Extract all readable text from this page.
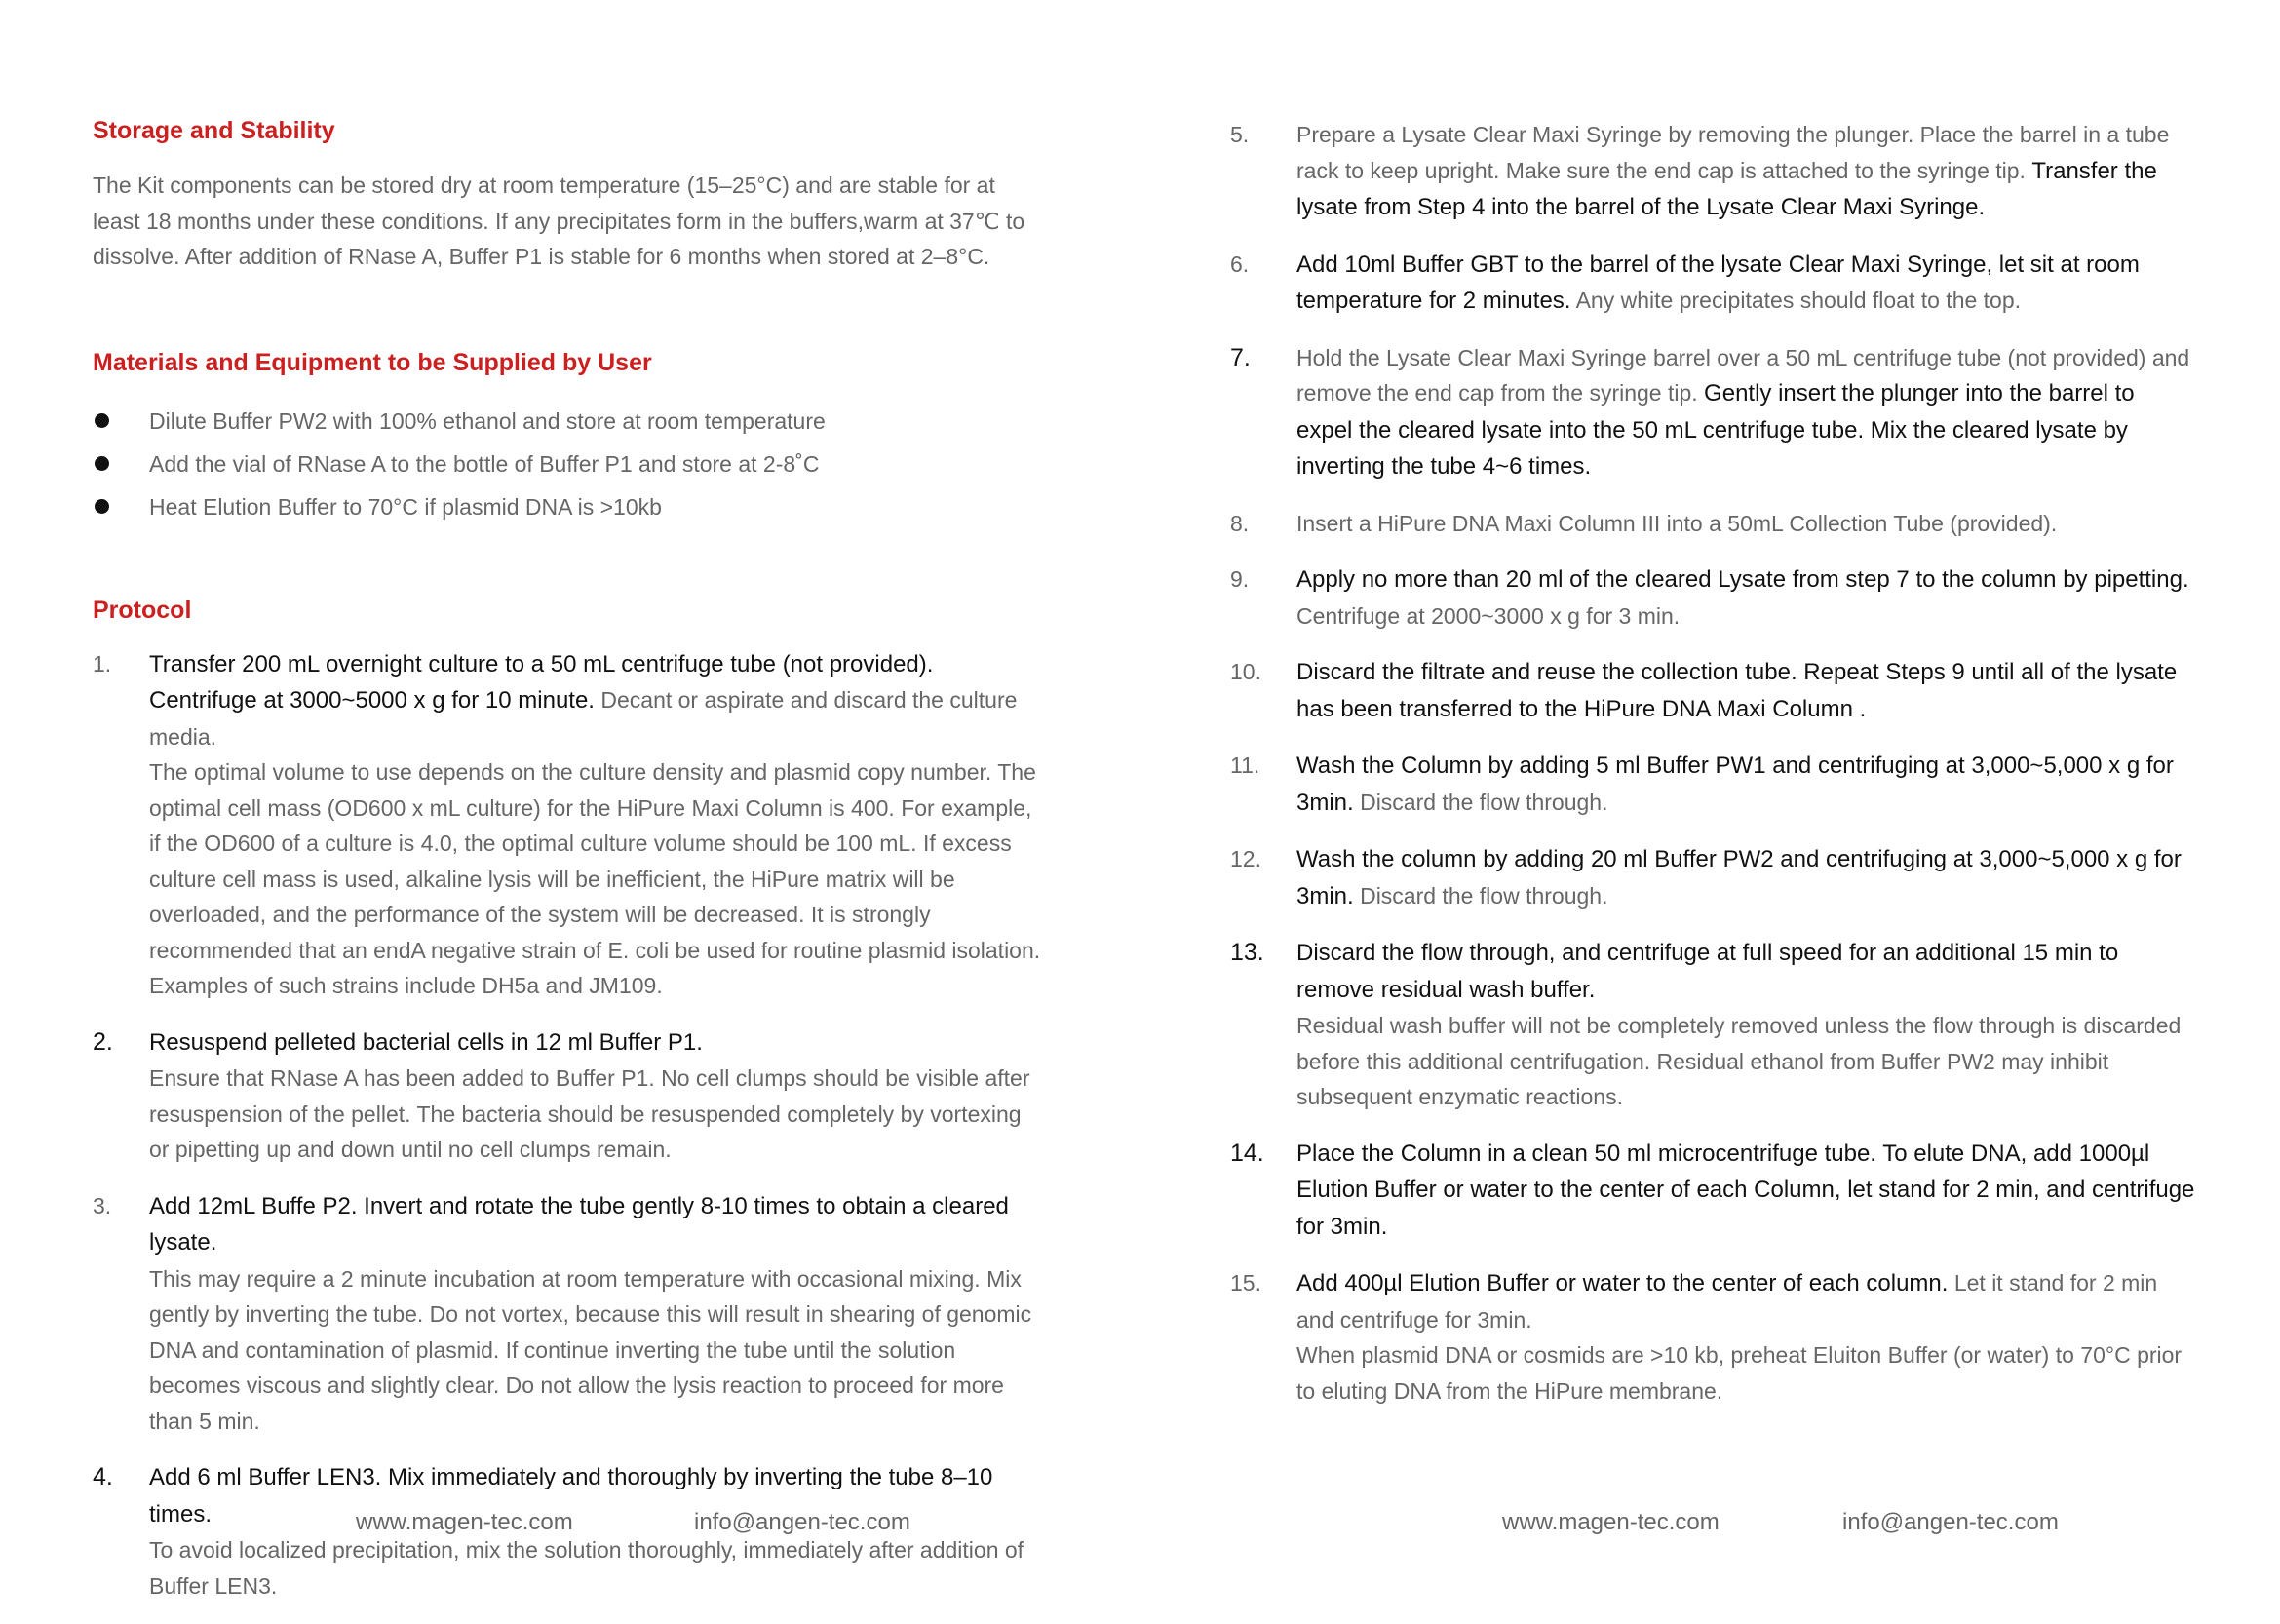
Storage and Stability

The Kit components can be stored dry at room temperature (15–25°C) and are stable for at least 18 months under these conditions. If any precipitates form in the buffers,warm at 37℃ to dissolve. After addition of RNase A, Buffer P1 is stable for 6 months when stored at 2–8°C.

Materials and Equipment to be Supplied by User
Dilute Buffer PW2 with 100% ethanol and store at room temperature
Add the vial of RNase A to the bottle of Buffer P1 and store at 2-8˚C
Heat Elution Buffer to 70°C if plasmid DNA is >10kb
Protocol
1. Transfer 200 mL overnight culture to a 50 mL centrifuge tube (not provided). Centrifuge at 3000~5000 x g for 10 minute. Decant or aspirate and discard the culture media.
The optimal volume to use depends on the culture density and plasmid copy number. The optimal cell mass (OD600 x mL culture) for the HiPure Maxi Column is 400. For example, if the OD600 of a culture is 4.0, the optimal culture volume should be 100 mL. If excess culture cell mass is used, alkaline lysis will be inefficient, the HiPure matrix will be overloaded, and the performance of the system will be decreased. It is strongly recommended that an endA negative strain of E. coli be used for routine plasmid isolation. Examples of such strains include DH5a and JM109.
2. Resuspend pelleted bacterial cells in 12 ml Buffer P1.
Ensure that RNase A has been added to Buffer P1. No cell clumps should be visible after resuspension of the pellet. The bacteria should be resuspended completely by vortexing or pipetting up and down until no cell clumps remain.
3. Add 12mL Buffe P2. Invert and rotate the tube gently 8-10 times to obtain a cleared lysate.
This may require a 2 minute incubation at room temperature with occasional mixing. Mix gently by inverting the tube. Do not vortex, because this will result in shearing of genomic DNA and contamination of plasmid. If continue inverting the tube until the solution becomes viscous and slightly clear. Do not allow the lysis reaction to proceed for more than 5 min.
4. Add 6 ml Buffer LEN3. Mix immediately and thoroughly by inverting the tube 8–10 times.
To avoid localized precipitation, mix the solution thoroughly, immediately after addition of Buffer LEN3.
5. Prepare a Lysate Clear Maxi Syringe by removing the plunger. Place the barrel in a tube rack to keep upright. Make sure the end cap is attached to the syringe tip. Transfer the lysate from Step 4 into the barrel of the Lysate Clear Maxi Syringe.
6. Add 10ml Buffer GBT to the barrel of the lysate Clear Maxi Syringe, let sit at room temperature for 2 minutes. Any white precipitates should float to the top.
7. Hold the Lysate Clear Maxi Syringe barrel over a 50 mL centrifuge tube (not provided) and remove the end cap from the syringe tip. Gently insert the plunger into the barrel to expel the cleared lysate into the 50 mL centrifuge tube. Mix the cleared lysate by inverting the tube 4~6 times.
8. Insert a HiPure DNA Maxi Column III into a 50mL Collection Tube (provided).
9. Apply no more than 20 ml of the cleared Lysate from step 7 to the column by pipetting.
Centrifuge at 2000~3000 x g for 3 min.
10. Discard the filtrate and reuse the collection tube. Repeat Steps 9 until all of the lysate has been transferred to the HiPure DNA Maxi Column .
11. Wash the Column by adding 5 ml Buffer PW1 and centrifuging at 3,000~5,000 x g for 3min. Discard the flow through.
12. Wash the column by adding 20 ml Buffer PW2 and centrifuging at 3,000~5,000 x g for 3min. Discard the flow through.
13. Discard the flow through, and centrifuge at full speed for an additional 15 min to remove residual wash buffer.
Residual wash buffer will not be completely removed unless the flow through is discarded before this additional centrifugation. Residual ethanol from Buffer PW2 may inhibit subsequent enzymatic reactions.
14. Place the Column in a clean 50 ml microcentrifuge tube. To elute DNA, add 1000µl Elution Buffer or water to the center of each Column, let stand for 2 min, and centrifuge for 3min.
15. Add 400µl Elution Buffer or water to the center of each column. Let it stand for 2 min and centrifuge for 3min.
When plasmid DNA or cosmids are >10 kb, preheat Eluiton Buffer (or water) to 70°C prior to eluting DNA from the HiPure membrane.
www.magen-tec.com	info@angen-tec.com	www.magen-tec.com	info@angen-tec.com
